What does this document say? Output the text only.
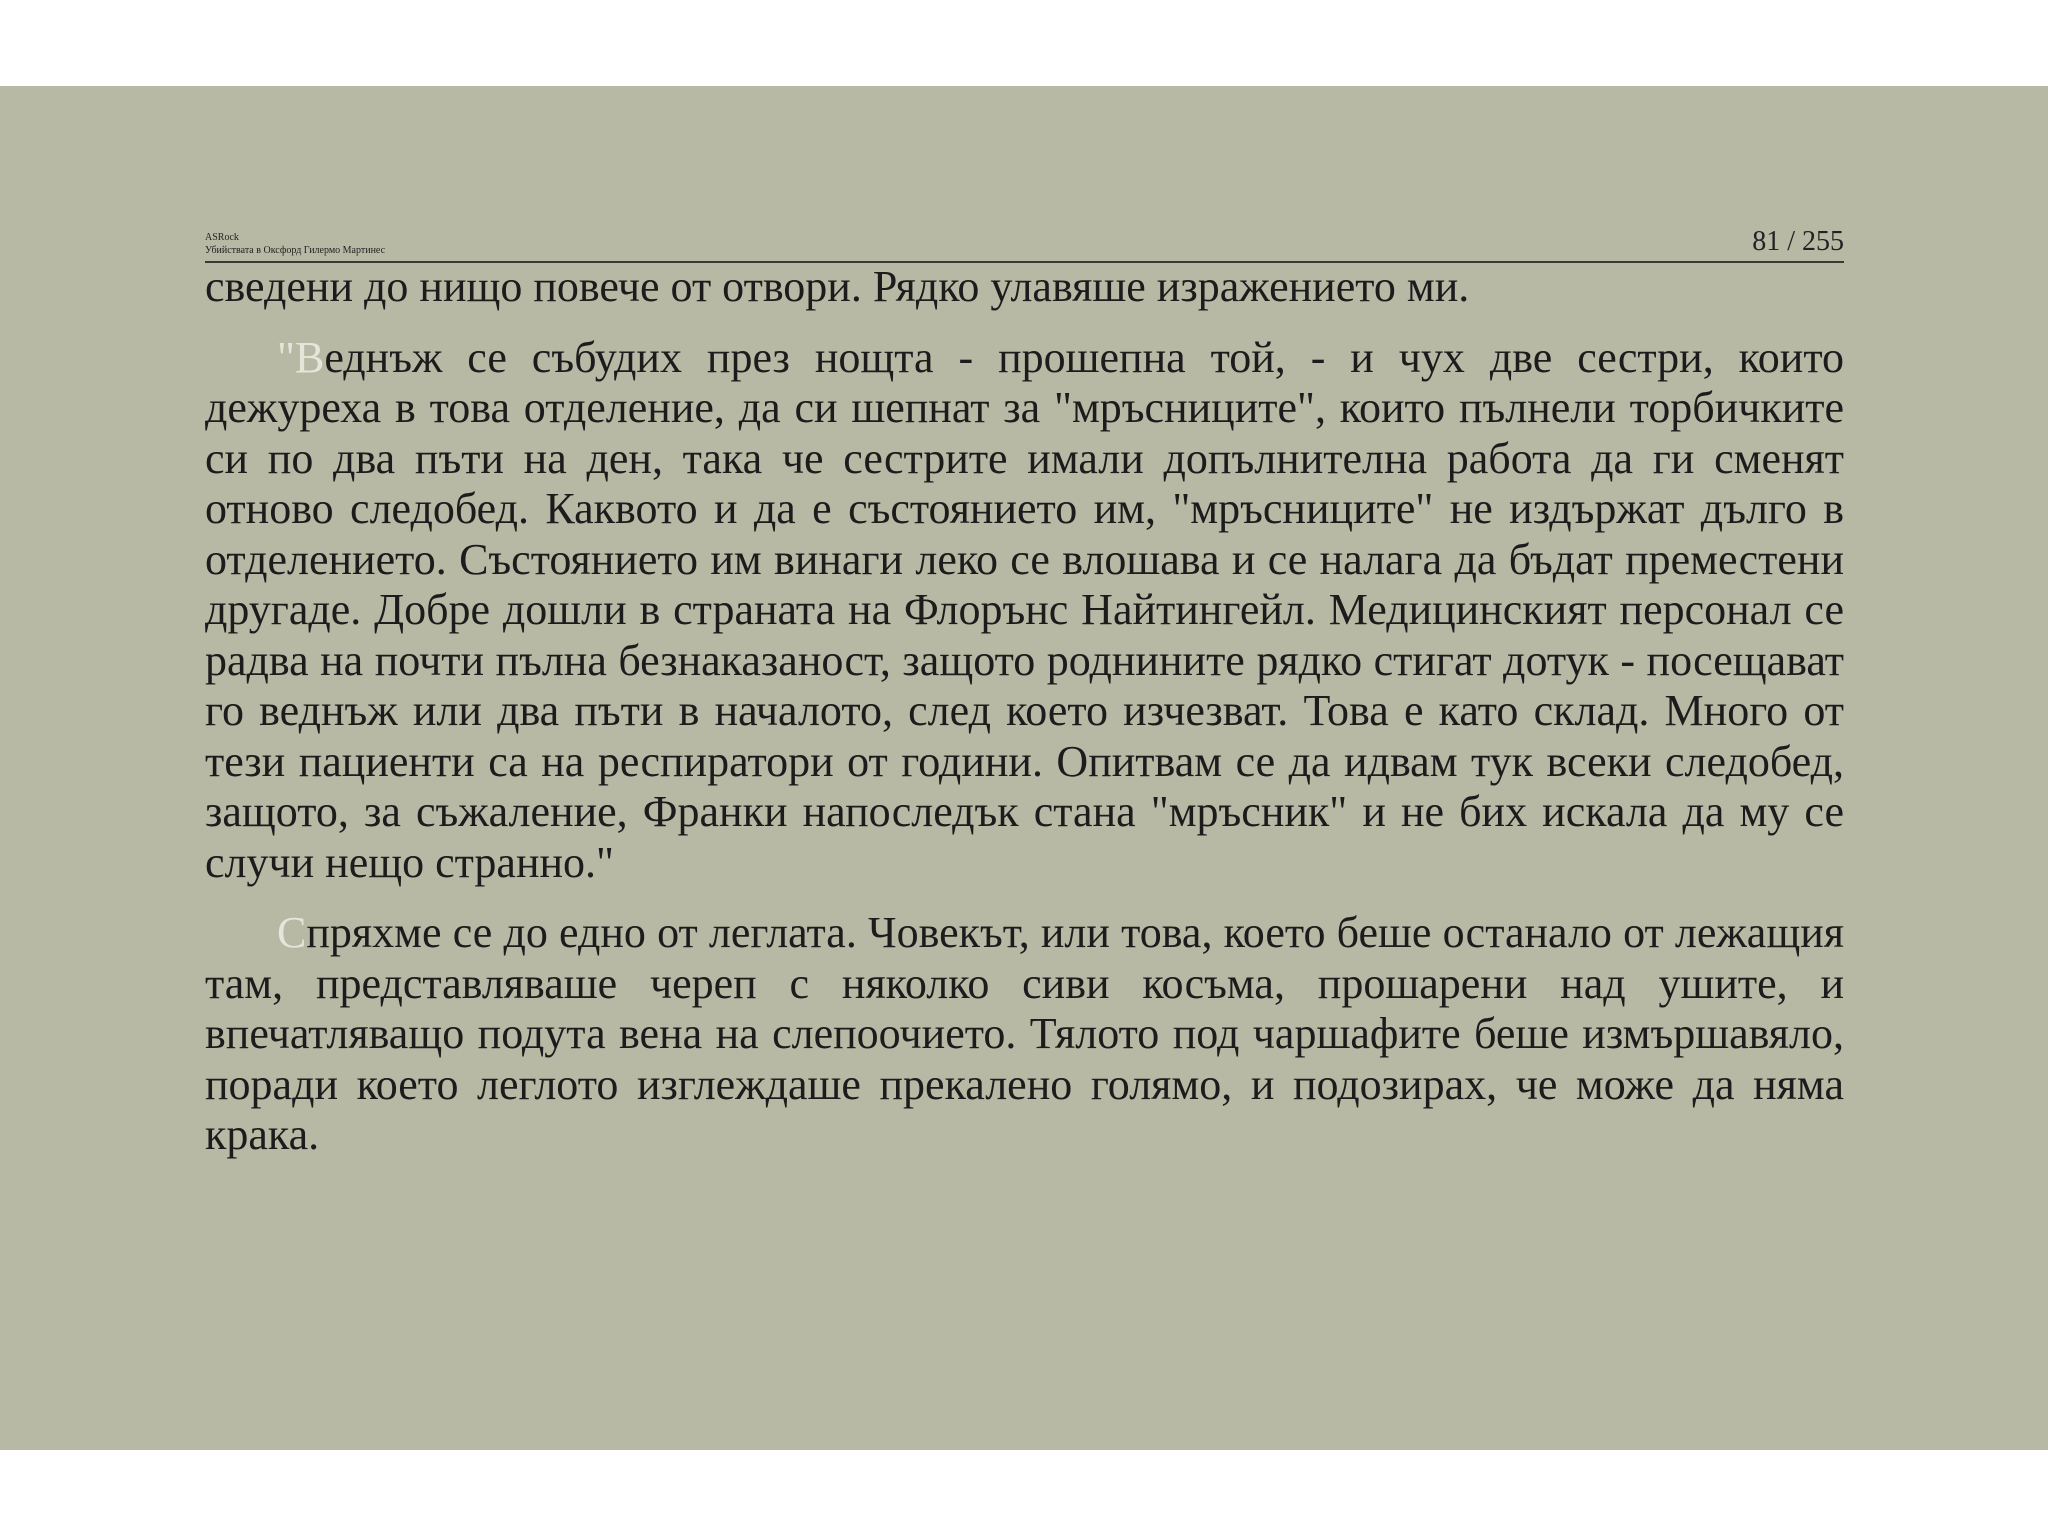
ASRock
Убийствата в Оксфорд Гилермо Мартинес	81 / 255

сведени до нищо повече от отвори. Рядко улавяше изражението ми.

"Веднъж се събудих през нощта - прошепна той, - и чух две сестри, които дежуреха в това отделение, да си шепнат за "мръсниците", които пълнели торбичките си по два пъти на ден, така че сестрите имали допълнителна работа да ги сменят отново следобед. Каквото и да е състоянието им, "мръсниците" не издържат дълго в отделението. Състоянието им винаги леко се влошава и се налага да бъдат преместени другаде. Добре дошли в страната на Флорънс Найтингейл. Медицинският персонал се радва на почти пълна безнаказаност, защото роднините рядко стигат дотук - посещават го веднъж или два пъти в началото, след което изчезват. Това е като склад. Много от тези пациенти са на респиратори от години. Опитвам се да идвам тук всеки следобед, защото, за съжаление, Франки напоследък стана "мръсник" и не бих искала да му се случи нещо странно."

Спряхме се до едно от леглата. Човекът, или това, което беше останало от лежащия там, представляваше череп с няколко сиви косъма, прошарени над ушите, и впечатляващо подута вена на слепоочието. Тялото под чаршафите беше измършавяло, поради което леглото изглеждаше прекалено голямо, и подозирах, че може да няма крака.
